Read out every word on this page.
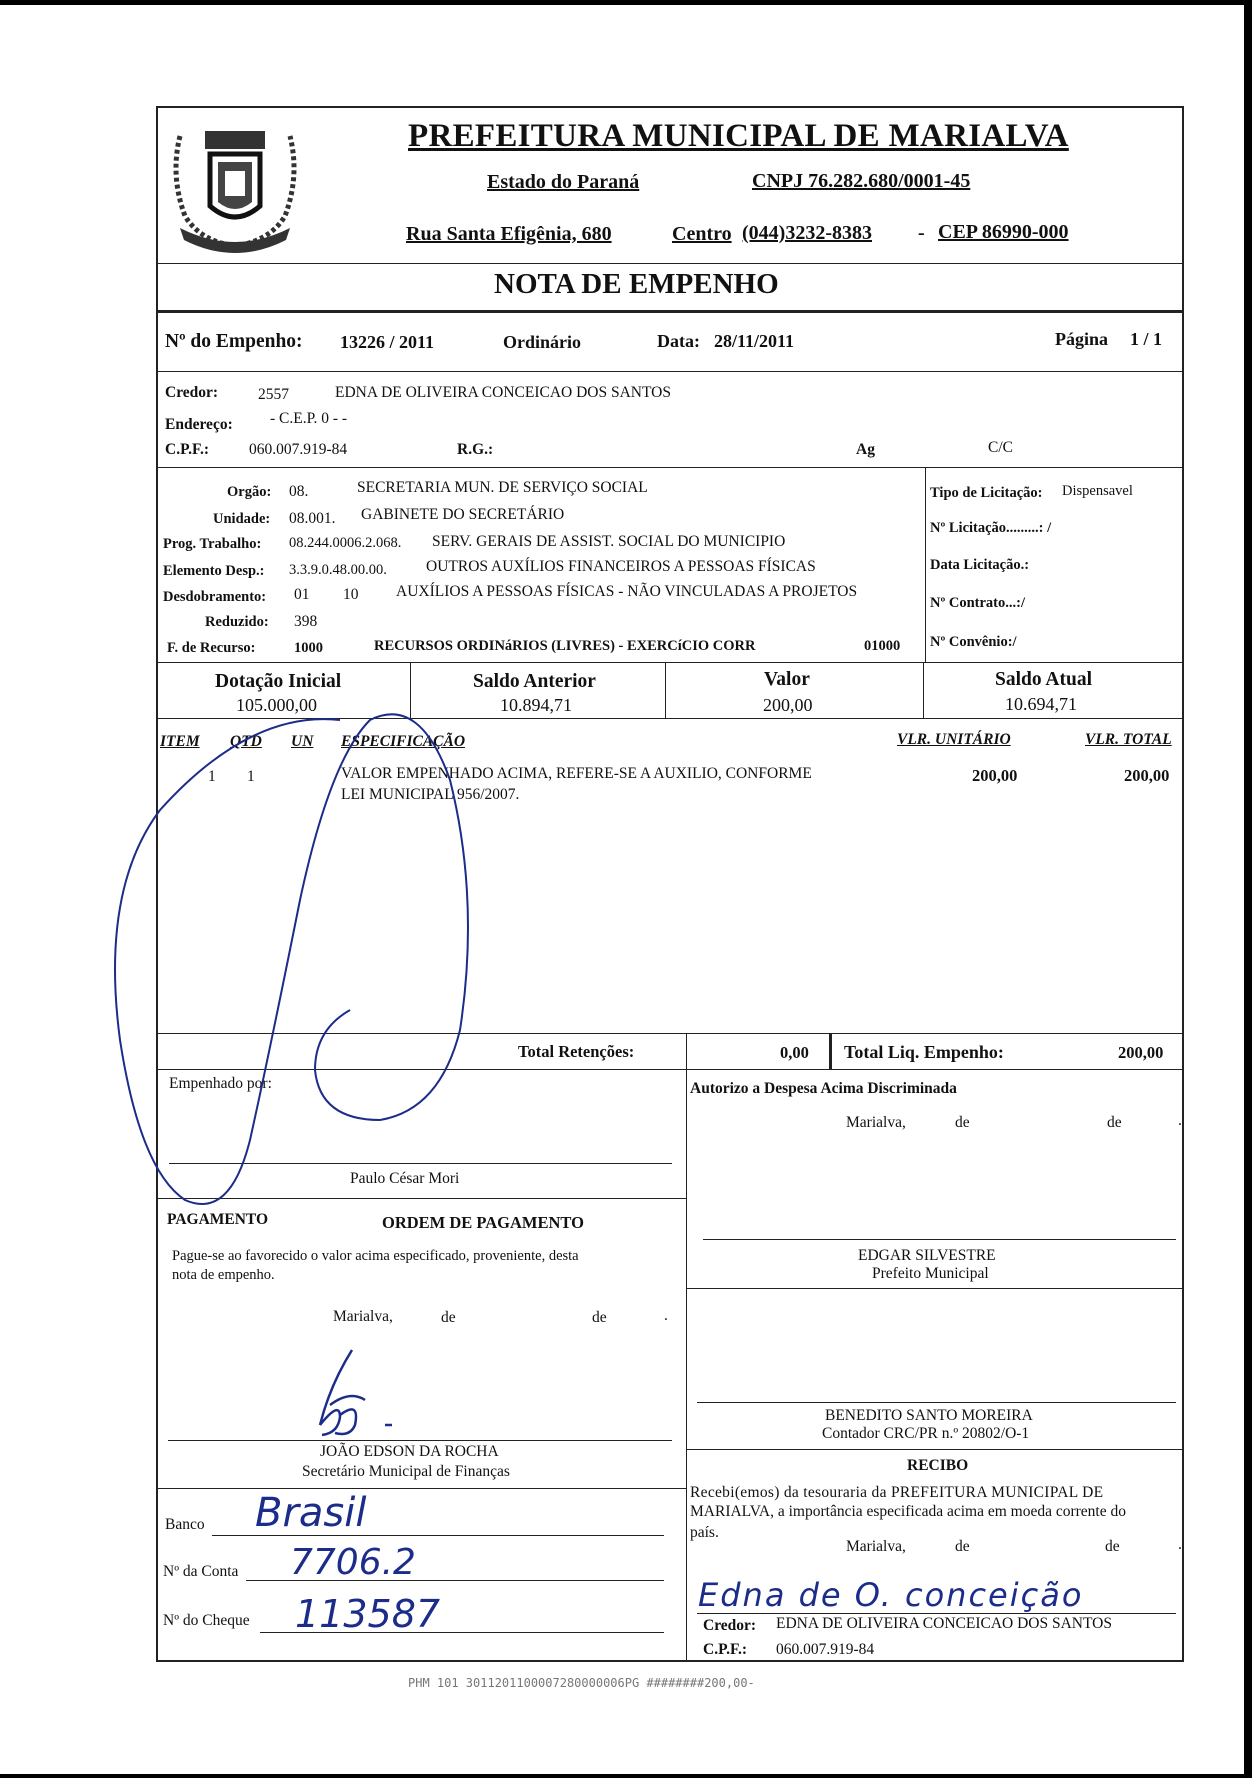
PREFEITURA MUNICIPAL DE MARIALVA
Estado do Paraná	CNPJ 76.282.680/0001-45
Rua Santa Efigênia, 680	Centro (044)3232-8383 - CEP 86990-000
NOTA DE EMPENHO
Nº do Empenho: 13226 / 2011	Ordinário	Data: 28/11/2011	Página 1 / 1
Credor:	2557	EDNA DE OLIVEIRA CONCEICAO DOS SANTOS
Endereço: - C.E.P. 0 - -
C.P.F.:	060.007.919-84	R.G.:	Ag	C/C
Orgão: 08.	SECRETARIA MUN. DE SERVIÇO SOCIAL
Unidade: 08.001. GABINETE DO SECRETÁRIO
Prog. Trabalho: 08.244.0006.2.068. SERV. GERAIS DE ASSIST. SOCIAL DO MUNICIPIO
Elemento Desp.: 3.3.9.0.48.00.00.	OUTROS AUXÍLIOS FINANCEIROS A PESSOAS FÍSICAS
Desdobramento: 01 10 AUXÍLIOS A PESSOAS FÍSICAS - NÃO VINCULADAS A PROJETOS
Reduzido: 398
F. de Recurso:	1000	RECURSOS ORDINáRIOS (LIVRES) - EXERCíCIO CORR	01000
Tipo de Licitação: Dispensavel
Nº Licitação.........: /
Data Licitação.:
Nº Contrato...:/
Nº Convênio:/
Dotação Inicial
105.000,00
Saldo Anterior
10.894,71
Valor
200,00
Saldo Atual
10.694,71
ITEM QTD UN ESPECIFICAÇÃO	VLR. UNITÁRIO	VLR. TOTAL
1 1	VALOR EMPENHADO ACIMA, REFERE-SE A AUXILIO, CONFORME
LEI MUNICIPAL 956/2007.
200,00	200,00
Total Retenções:	0,00 Total Liq. Empenho:	200,00
Empenhado por:
Paulo César Mori
PAGAMENTO	ORDEM DE PAGAMENTO
Pague-se ao favorecido o valor acima especificado, proveniente, desta
nota de empenho.
Marialva,	de	de	.
JOÃO EDSON DA ROCHA
Secretário Municipal de Finanças
Banco Brasil
Nº da Conta 7706.2
Nº do Cheque 113587
Autorizo a Despesa Acima Discriminada
Marialva,	de	de	.
EDGAR SILVESTRE
Prefeito Municipal
BENEDITO SANTO MOREIRA
Contador CRC/PR n.º 20802/O-1
RECIBO
Recebi(emos) da tesouraria da PREFEITURA MUNICIPAL DE
MARIALVA, a importância especificada acima em moeda corrente do
país.
Marialva,	de	de	.
Edna de O. conceição
Credor: EDNA DE OLIVEIRA CONCEICAO DOS SANTOS
C.P.F.: 060.007.919-84
PHM 101 3011201100007280000006PG ########200,00-
